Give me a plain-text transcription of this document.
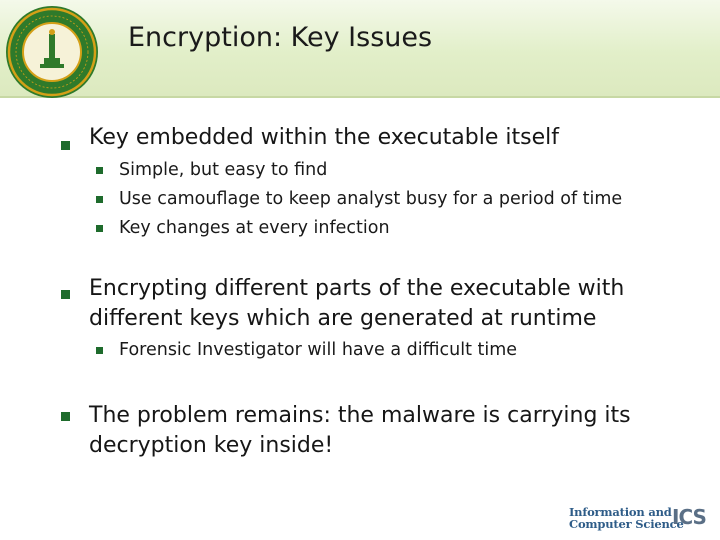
Encryption: Key Issues
Key embedded within the executable itself
Simple, but easy to find
Use camouflage to keep analyst busy for a period of time
Key changes at every infection
Encrypting different parts of the executable with
different keys which are generated at runtime
Forensic Investigator will have a difficult time
The problem remains: the malware is carrying its
decryption key inside!
Information and
Computer Science
ICS
